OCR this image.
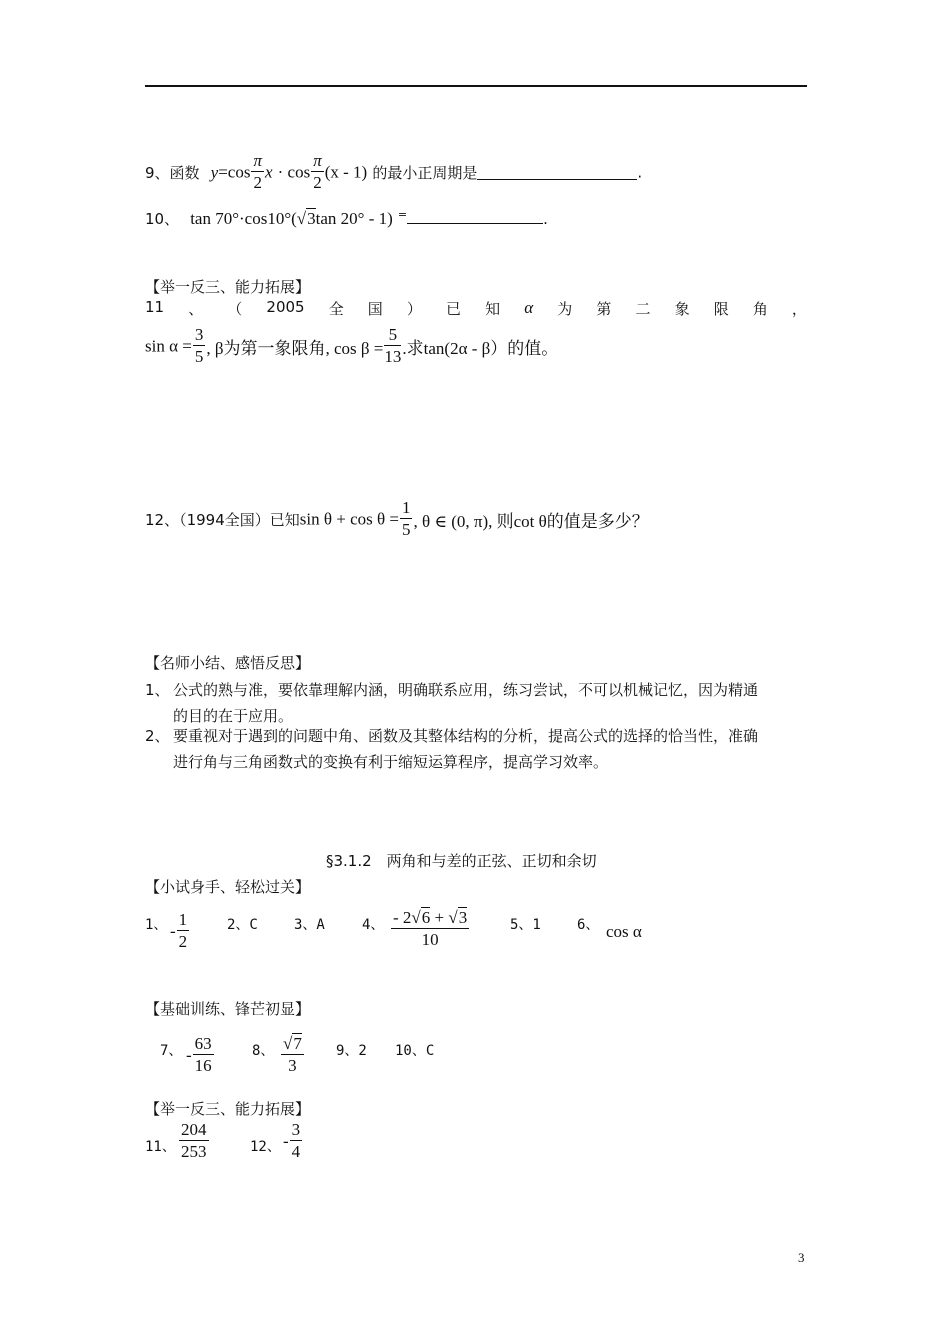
9、函数 $y=\cos \frac{\pi}{2}$ $x \cdot \cos \frac{\pi}{2} (x - 1)$ 的最小正周期是	.
10、 tan 70°·cos10°(√3tan 20° - 1) =	.
【举一反三、能力拓展】
11 、 （ 2005 全 国 ） 已 知 α 为 第 二 象 限 角 ，
$\sin \alpha = \frac{3}{5}$ , β为第一象限角, $\cos \beta = \frac{5}{13}$ .求tan(2α - β）的值。
12、（1994全国）已知$\sin \theta + \cos \theta = \frac{1}{5}$ , θ ∈ (0, π), 则cot θ的值是多少？
【名师小结、感悟反思】
1、 公式的熟与准，要依靠理解内涵，明确联系应用，练习尝试，不可以机械记忆，因为精通
的目的在于应用。
2、 要重视对于遇到的问题中角、函数及其整体结构的分析，提高公式的选择的恰当性，准确
进行角与三角函数式的变换有利于缩短运算程序，提高学习效率。
§3.1.2　两角和与差的正弦、正切和余切
【小试身手、轻松过关】
1、 - $\frac{1}{2}$	2、C	3、A	4、 $\frac{- 2√6 + √3}{10}$	5、1	6、 cos α
【基础训练、锋芒初显】
7、 - $\frac{63}{16}$	8、 $\frac{√7}{3} 9$、2 10、C
【举一反三、能力拓展】
11、 $\frac{204}{253}$	12、 - $\frac{3}{4}$
3
